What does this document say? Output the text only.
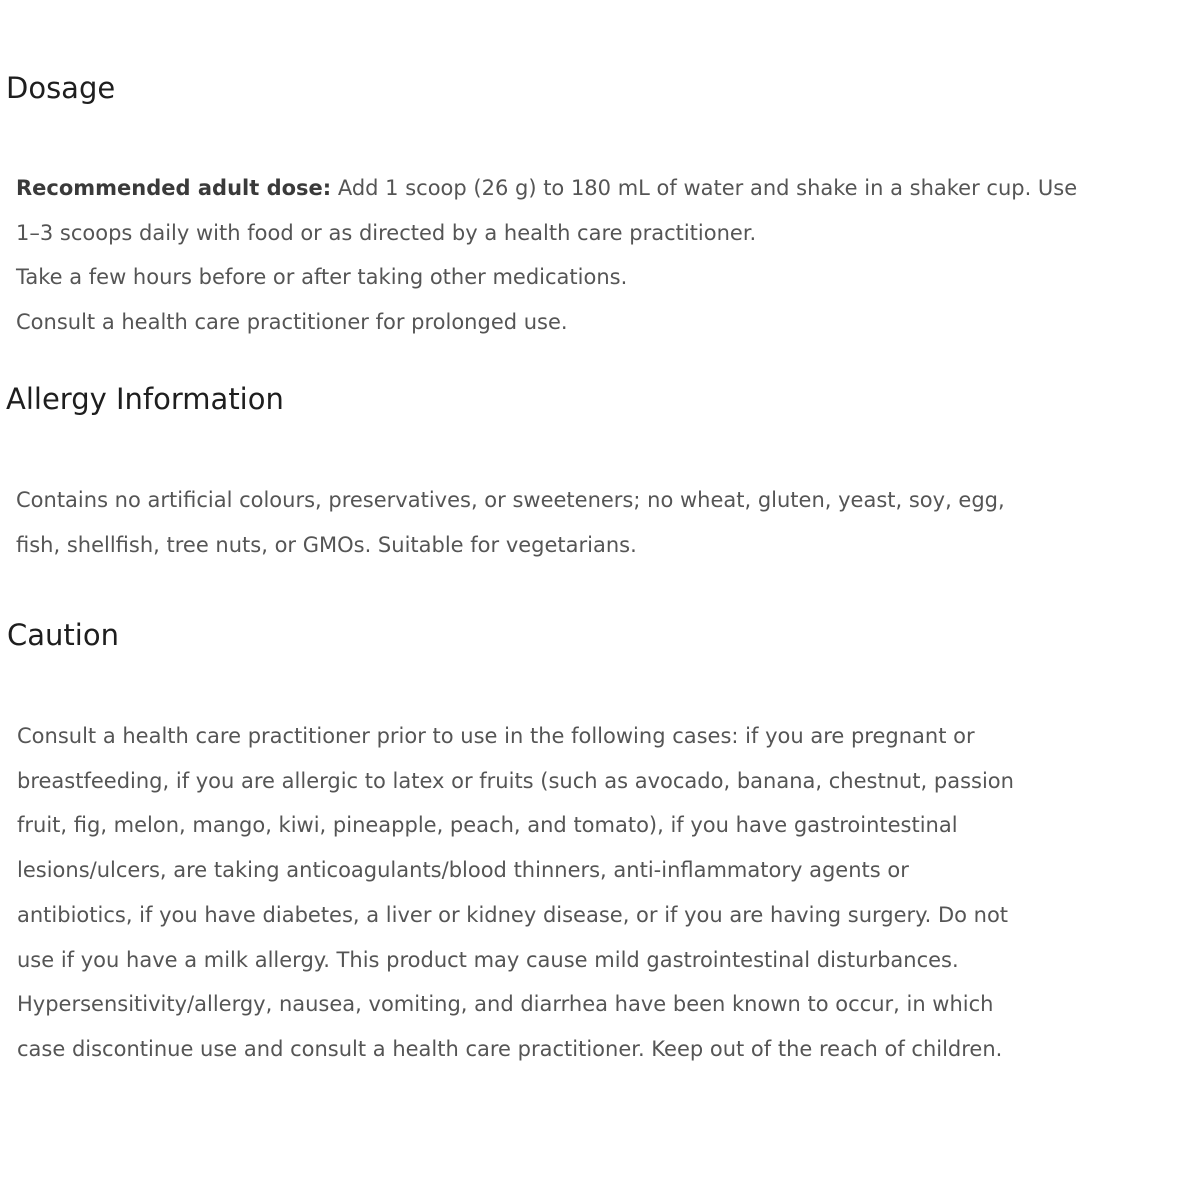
Dosage
Recommended adult dose: Add 1 scoop (26 g) to 180 mL of water and shake in a shaker cup. Use
1–3 scoops daily with food or as directed by a health care practitioner.
Take a few hours before or after taking other medications.
Consult a health care practitioner for prolonged use.
Allergy Information
Contains no artificial colours, preservatives, or sweeteners; no wheat, gluten, yeast, soy, egg,
fish, shellfish, tree nuts, or GMOs. Suitable for vegetarians.
Caution
Consult a health care practitioner prior to use in the following cases: if you are pregnant or
breastfeeding, if you are allergic to latex or fruits (such as avocado, banana, chestnut, passion
fruit, fig, melon, mango, kiwi, pineapple, peach, and tomato), if you have gastrointestinal
lesions/ulcers, are taking anticoagulants/blood thinners, anti-inflammatory agents or
antibiotics, if you have diabetes, a liver or kidney disease, or if you are having surgery. Do not
use if you have a milk allergy. This product may cause mild gastrointestinal disturbances.
Hypersensitivity/allergy, nausea, vomiting, and diarrhea have been known to occur, in which
case discontinue use and consult a health care practitioner. Keep out of the reach of children.
